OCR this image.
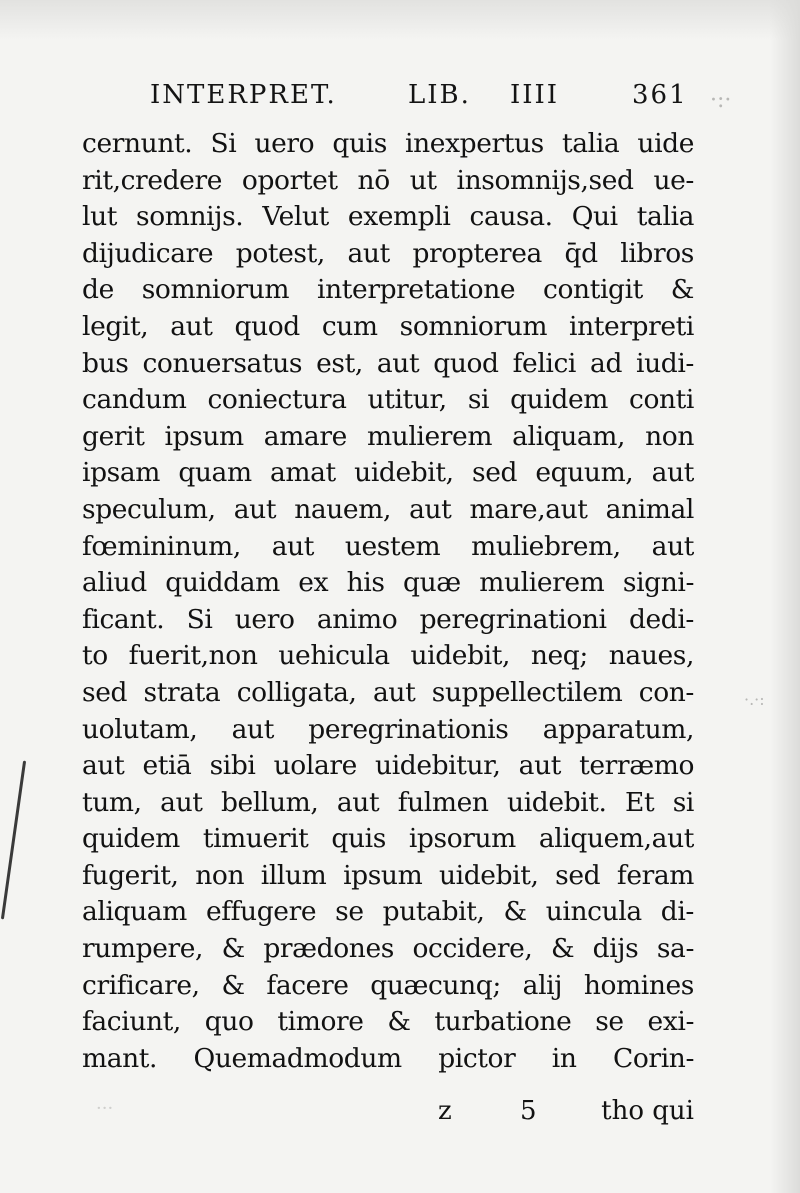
INTERPRET.	LIB. IIII	361
cernunt. Si uero quis inexpertus talia uide
rit,credere oportet nō ut insomnijs,sed ue-
lut somnijs. Velut exempli causa. Qui talia
dijudicare potest, aut propterea q̄d libros
de somniorum interpretatione contigit &
legit, aut quod cum somniorum interpreti
bus conuersatus est, aut quod felici ad iudi-
candum coniectura utitur, si quidem conti
gerit ipsum amare mulierem aliquam, non
ipsam quam amat uidebit, sed equum, aut
speculum, aut nauem, aut mare,aut animal
fœmininum, aut uestem muliebrem, aut
aliud quiddam ex his quæ mulierem signi-
ficant. Si uero animo peregrinationi dedi-
to fuerit,non uehicula uidebit, neq; naues,
sed strata colligata, aut suppellectilem con-
uolutam, aut peregrinationis apparatum,
aut etiā sibi uolare uidebitur, aut terræmo
tum, aut bellum, aut fulmen uidebit. Et si
quidem timuerit quis ipsorum aliquem,aut
fugerit, non illum ipsum uidebit, sed feram
aliquam effugere se putabit, & uincula di-
rumpere, & prædones occidere, & dijs sa-
crificare, & facere quæcunq; alij homines
faciunt, quo timore & turbatione se exi-
mant. Quemadmodum pictor in Corin-
z 5 tho qui
·:·
·.·:
···
